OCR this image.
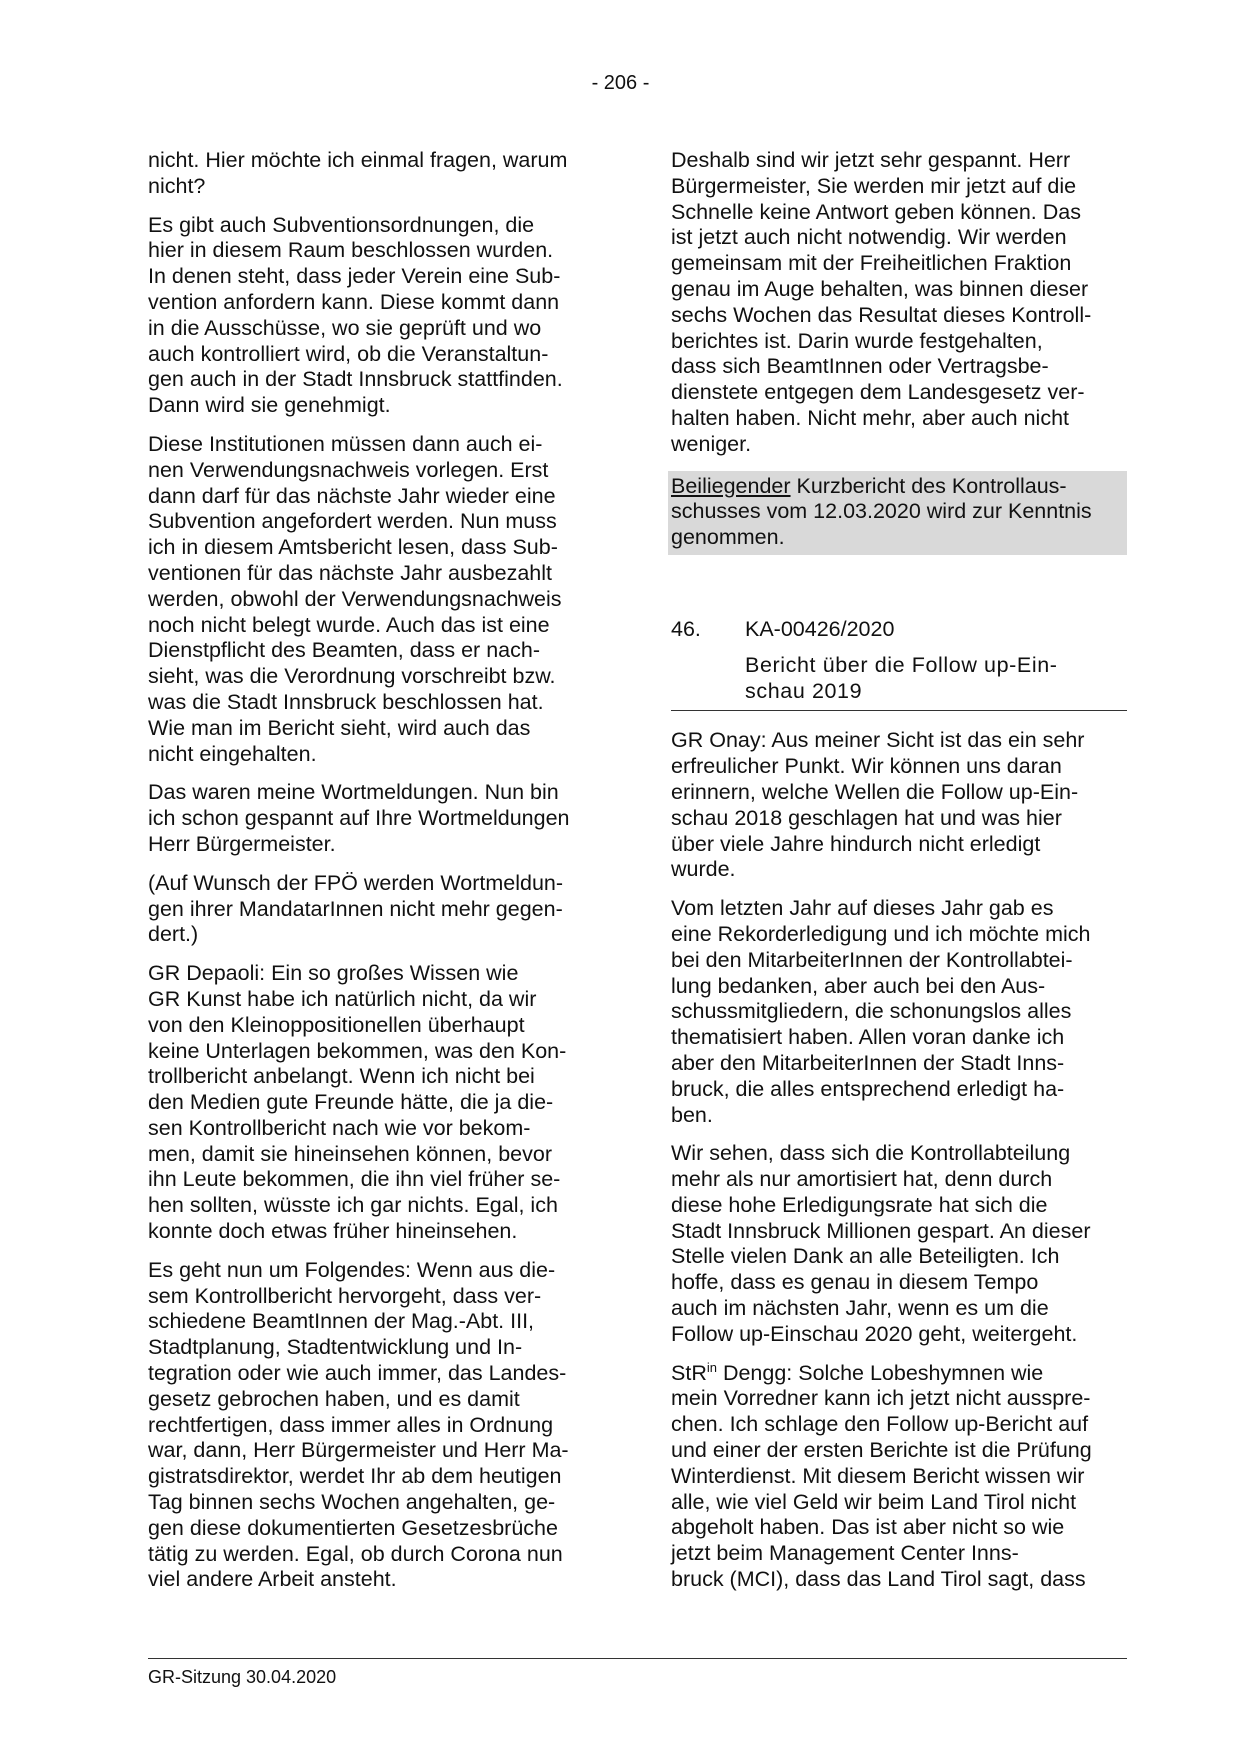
- 206 -

nicht. Hier möchte ich einmal fragen, warum
nicht?

Es gibt auch Subventionsordnungen, die
hier in diesem Raum beschlossen wurden.
In denen steht, dass jeder Verein eine Sub-
vention anfordern kann. Diese kommt dann
in die Ausschüsse, wo sie geprüft und wo
auch kontrolliert wird, ob die Veranstaltun-
gen auch in der Stadt Innsbruck stattfinden.
Dann wird sie genehmigt.

Diese Institutionen müssen dann auch ei-
nen Verwendungsnachweis vorlegen. Erst
dann darf für das nächste Jahr wieder eine
Subvention angefordert werden. Nun muss
ich in diesem Amtsbericht lesen, dass Sub-
ventionen für das nächste Jahr ausbezahlt
werden, obwohl der Verwendungsnachweis
noch nicht belegt wurde. Auch das ist eine
Dienstpflicht des Beamten, dass er nach-
sieht, was die Verordnung vorschreibt bzw.
was die Stadt Innsbruck beschlossen hat.
Wie man im Bericht sieht, wird auch das
nicht eingehalten.

Das waren meine Wortmeldungen. Nun bin
ich schon gespannt auf Ihre Wortmeldungen
Herr Bürgermeister.

(Auf Wunsch der FPÖ werden Wortmeldun-
gen ihrer MandatarInnen nicht mehr gegen-
dert.)

GR Depaoli: Ein so großes Wissen wie
GR Kunst habe ich natürlich nicht, da wir
von den Kleinoppositionellen überhaupt
keine Unterlagen bekommen, was den Kon-
trollbericht anbelangt. Wenn ich nicht bei
den Medien gute Freunde hätte, die ja die-
sen Kontrollbericht nach wie vor bekom-
men, damit sie hineinsehen können, bevor
ihn Leute bekommen, die ihn viel früher se-
hen sollten, wüsste ich gar nichts. Egal, ich
konnte doch etwas früher hineinsehen.

Es geht nun um Folgendes: Wenn aus die-
sem Kontrollbericht hervorgeht, dass ver-
schiedene BeamtInnen der Mag.-Abt. III,
Stadtplanung, Stadtentwicklung und In-
tegration oder wie auch immer, das Landes-
gesetz gebrochen haben, und es damit
rechtfertigen, dass immer alles in Ordnung
war, dann, Herr Bürgermeister und Herr Ma-
gistratsdirektor, werdet Ihr ab dem heutigen
Tag binnen sechs Wochen angehalten, ge-
gen diese dokumentierten Gesetzesbrüche
tätig zu werden. Egal, ob durch Corona nun
viel andere Arbeit ansteht.

Deshalb sind wir jetzt sehr gespannt. Herr
Bürgermeister, Sie werden mir jetzt auf die
Schnelle keine Antwort geben können. Das
ist jetzt auch nicht notwendig. Wir werden
gemeinsam mit der Freiheitlichen Fraktion
genau im Auge behalten, was binnen dieser
sechs Wochen das Resultat dieses Kontroll-
berichtes ist. Darin wurde festgehalten,
dass sich BeamtInnen oder Vertragsbe-
dienstete entgegen dem Landesgesetz ver-
halten haben. Nicht mehr, aber auch nicht
weniger.

Beiliegender Kurzbericht des Kontrollaus-
schusses vom 12.03.2020 wird zur Kenntnis
genommen.
46.	KA-00426/2020
Bericht über die Follow up-Ein-
schau 2019

GR Onay: Aus meiner Sicht ist das ein sehr
erfreulicher Punkt. Wir können uns daran
erinnern, welche Wellen die Follow up-Ein-
schau 2018 geschlagen hat und was hier
über viele Jahre hindurch nicht erledigt
wurde.

Vom letzten Jahr auf dieses Jahr gab es
eine Rekorderledigung und ich möchte mich
bei den MitarbeiterInnen der Kontrollabtei-
lung bedanken, aber auch bei den Aus-
schussmitgliedern, die schonungslos alles
thematisiert haben. Allen voran danke ich
aber den MitarbeiterInnen der Stadt Inns-
bruck, die alles entsprechend erledigt ha-
ben.

Wir sehen, dass sich die Kontrollabteilung
mehr als nur amortisiert hat, denn durch
diese hohe Erledigungsrate hat sich die
Stadt Innsbruck Millionen gespart. An dieser
Stelle vielen Dank an alle Beteiligten. Ich
hoffe, dass es genau in diesem Tempo
auch im nächsten Jahr, wenn es um die
Follow up-Einschau 2020 geht, weitergeht.

StR$^{in}$ Dengg: Solche Lobeshymnen wie
mein Vorredner kann ich jetzt nicht ausspre-
chen. Ich schlage den Follow up-Bericht auf
und einer der ersten Berichte ist die Prüfung
Winterdienst. Mit diesem Bericht wissen wir
alle, wie viel Geld wir beim Land Tirol nicht
abgeholt haben. Das ist aber nicht so wie
jetzt beim Management Center Inns-
bruck (MCI), dass das Land Tirol sagt, dass

GR-Sitzung 30.04.2020
